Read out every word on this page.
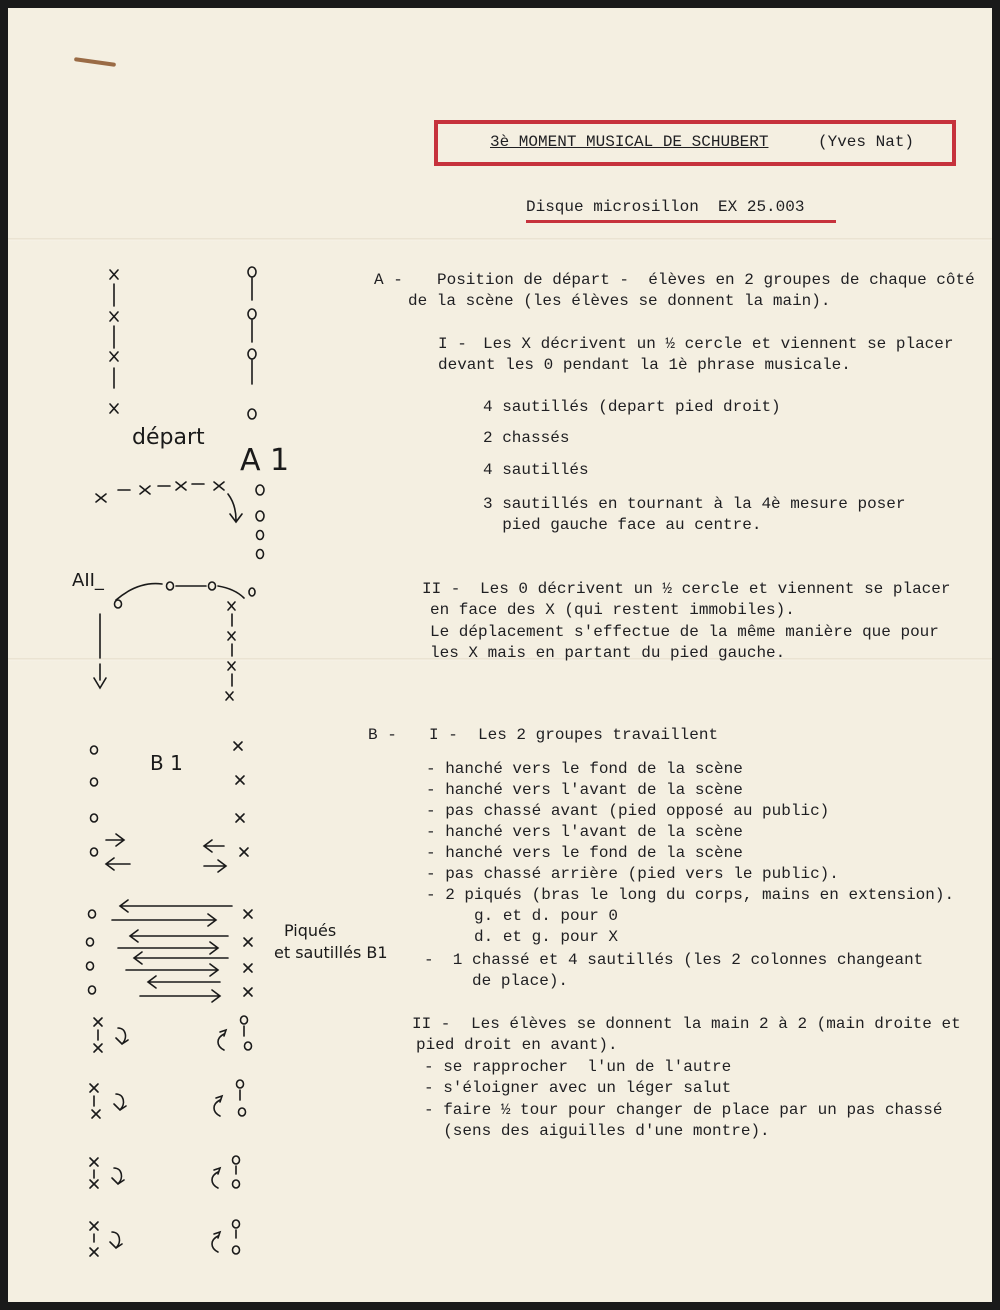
3è MOMENT MUSICAL DE SCHUBERT	(Yves Nat)
Disque microsillon  EX 25.003
A - Position de départ -  élèves en 2 groupes de chaque côté
de la scène (les élèves se donnent la main).
I - Les X décrivent un ½ cercle et viennent se placer
devant les 0 pendant la 1è phrase musicale.
4 sautillés (depart pied droit)
2 chassés
4 sautillés
3 sautillés en tournant à la 4è mesure poser
pied gauche face au centre.
II - Les 0 décrivent un ½ cercle et viennent se placer
en face des X (qui restent immobiles).
Le déplacement s'effectue de la même manière que pour
les X mais en partant du pied gauche.
B - I - Les 2 groupes travaillent
- hanché vers le fond de la scène
- hanché vers l'avant de la scène
- pas chassé avant (pied opposé au public)
- hanché vers l'avant de la scène
- hanché vers le fond de la scène
- pas chassé arrière (pied vers le public).
- 2 piqués (bras le long du corps, mains en extension).
g. et d. pour 0
d. et g. pour X
-  1 chassé et 4 sautillés (les 2 colonnes changeant
de place).
II - Les élèves se donnent la main 2 à 2 (main droite et
pied droit en avant).
- se rapprocher  l'un de l'autre
- s'éloigner avec un léger salut
- faire ½ tour pour changer de place par un pas chassé
(sens des aiguilles d'une montre).
départ
A 1
AII_
B 1
Piqués
et sautillés B1
